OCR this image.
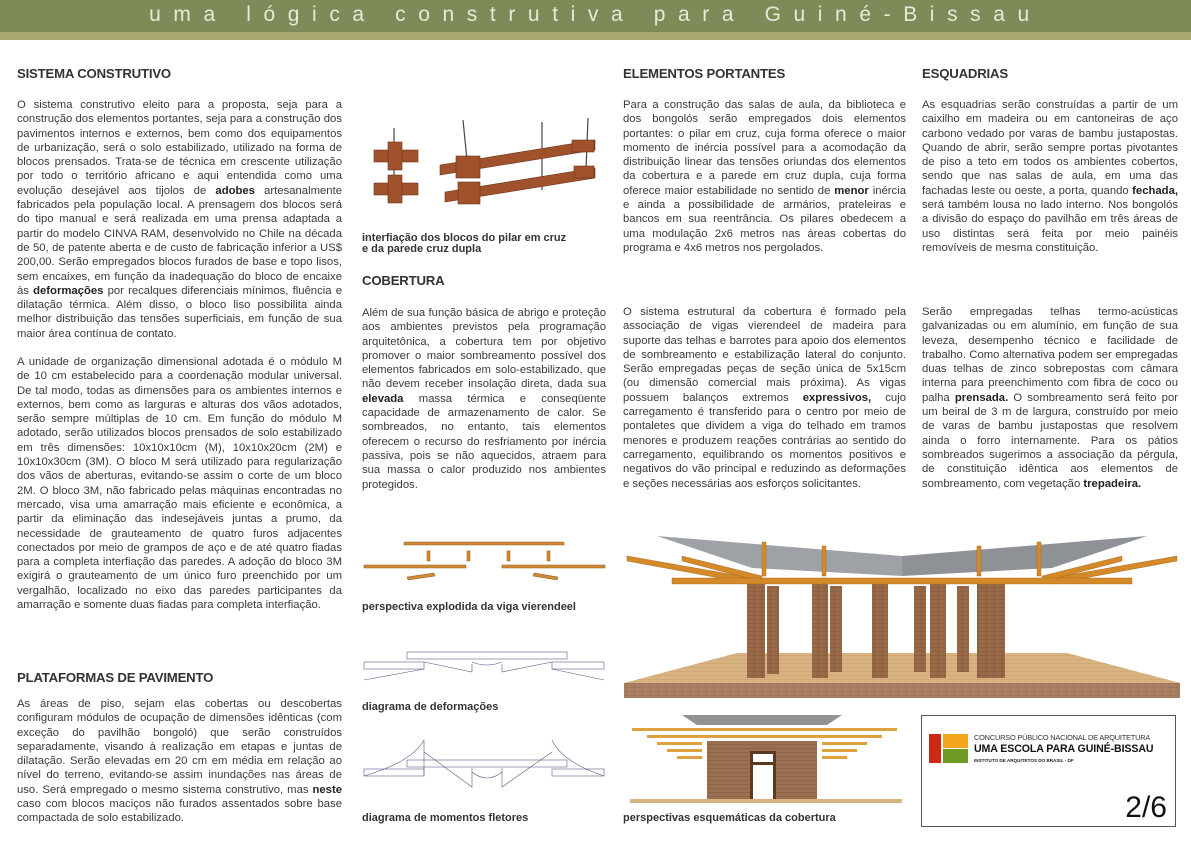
uma lógica construtiva para Guiné-Bissau
SISTEMA CONSTRUTIVO
O sistema construtivo eleito para a proposta, seja para a construção dos elementos portantes, seja para a construção dos pavimentos internos e externos, bem como dos equipamentos de urbanização, será o solo estabilizado, utilizado na forma de blocos prensados. Trata-se de técnica em crescente utilização por todo o território africano e aqui entendida como uma evolução desejável aos tijolos de adobes artesanalmente fabricados pela população local. A prensagem dos blocos será do tipo manual e será realizada em uma prensa adaptada a partir do modelo CINVA RAM, desenvolvido no Chile na década de 50, de patente aberta e de custo de fabricação inferior a US$ 200,00. Serão empregados blocos furados de base e topo lisos, sem encaixes, em função da inadequação do bloco de encaixe às deformações por recalques diferenciais mínimos, fluência e dilatação térmica. Além disso, o bloco liso possibilita ainda melhor distribuição das tensões superficiais, em função de sua maior área contínua de contato.
A unidade de organização dimensional adotada é o módulo M de 10 cm estabelecido para a coordenação modular universal. De tal modo, todas as dimensões para os ambientes internos e externos, bem como as larguras e alturas dos vãos adotados, serão sempre múltiplas de 10 cm. Em função do módulo M adotado, serão utilizados blocos prensados de solo estabilizado em três dimensões: 10x10x10cm (M), 10x10x20cm (2M) e 10x10x30cm (3M). O bloco M será utilizado para regularização dos vãos de aberturas, evitando-se assim o corte de um bloco 2M. O bloco 3M, não fabricado pelas máquinas encontradas no mercado, visa uma amarração mais eficiente e econômica, a partir da eliminação das indesejáveis juntas a prumo, da necessidade de grauteamento de quatro furos adjacentes conectados por meio de grampos de aço e de até quatro fiadas para a completa interfiação das paredes. A adoção do bloco 3M exigirá o grauteamento de um único furo preenchido por um vergalhão, localizado no eixo das paredes participantes da amarração e somente duas fiadas para completa interfiação.
PLATAFORMAS DE PAVIMENTO
As áreas de piso, sejam elas cobertas ou descobertas configuram módulos de ocupação de dimensões idênticas (com exceção do pavilhão bongoló) que serão construídos separadamente, visando à realização em etapas e juntas de dilatação. Serão elevadas em 20 cm em média em relação ao nível do terreno, evitando-se assim inundações nas áreas de uso. Será empregado o mesmo sistema construtivo, mas neste caso com blocos maciços não furados assentados sobre base compactada de solo estabilizado.
interfiação dos blocos do pilar em cruz
e da parede cruz dupla
COBERTURA
Além de sua função básica de abrigo e proteção aos ambientes previstos pela programação arquitetônica, a cobertura tem por objetivo promover o maior sombreamento possível dos elementos fabricados em solo-estabilizado, que não devem receber insolação direta, dada sua elevada massa térmica e conseqüente capacidade de armazenamento de calor. Se sombreados, no entanto, tais elementos oferecem o recurso do resfriamento por inércia passiva, pois se não aquecidos, atraem para sua massa o calor produzido nos ambientes protegidos.
perspectiva explodida da viga vierendeel
diagrama de deformações
diagrama de momentos fletores
ELEMENTOS PORTANTES
Para a construção das salas de aula, da biblioteca e dos bongolós serão empregados dois elementos portantes: o pilar em cruz, cuja forma oferece o maior momento de inércia possível para a acomodação da distribuição linear das tensões oriundas dos elementos da cobertura e a parede em cruz dupla, cuja forma oferece maior estabilidade no sentido de menor inércia e ainda a possibilidade de armários, prateleiras e bancos em sua reentrância. Os pilares obedecem a uma modulação 2x6 metros nas áreas cobertas do programa e 4x6 metros nos pergolados.
O sistema estrutural da cobertura é formado pela associação de vigas vierendeel de madeira para suporte das telhas e barrotes para apoio dos elementos de sombreamento e estabilização lateral do conjunto. Serão empregadas peças de seção única de 5x15cm (ou dimensão comercial mais próxima). As vigas possuem balanços extremos expressivos, cujo carregamento é transferido para o centro por meio de pontaletes que dividem a viga do telhado em tramos menores e produzem reações contrárias ao sentido do carregamento, equilibrando os momentos positivos e negativos do vão principal e reduzindo as deformações e seções necessárias aos esforços solicitantes.
ESQUADRIAS
As esquadrias serão construídas a partir de um caixilho em madeira ou em cantoneiras de aço carbono vedado por varas de bambu justapostas. Quando de abrir, serão sempre portas pivotantes de piso a teto em todos os ambientes cobertos, sendo que nas salas de aula, em uma das fachadas leste ou oeste, a porta, quando fechada, será também lousa no lado interno. Nos bongolós a divisão do espaço do pavilhão em três áreas de uso distintas será feita por meio painéis removíveis de mesma constituição.
Serão empregadas telhas termo-acústicas galvanizadas ou em alumínio, em função de sua leveza, desempenho técnico e facilidade de trabalho. Como alternativa podem ser empregadas duas telhas de zinco sobrepostas com câmara interna para preenchimento com fibra de coco ou palha prensada. O sombreamento será feito por um beiral de 3 m de largura, construído por meio de varas de bambu justapostas que resolvem ainda o forro internamente. Para os pátios sombreados sugerimos a associação da pérgula, de constituição idêntica aos elementos de sombreamento, com vegetação trepadeira.
perspectivas esquemáticas da cobertura
CONCURSO PÚBLICO NACIONAL DE ARQUITETURA
UMA ESCOLA PARA GUINÉ-BISSAU
INSTITUTO DE ARQUITETOS DO BRASIL - DF
2/6
